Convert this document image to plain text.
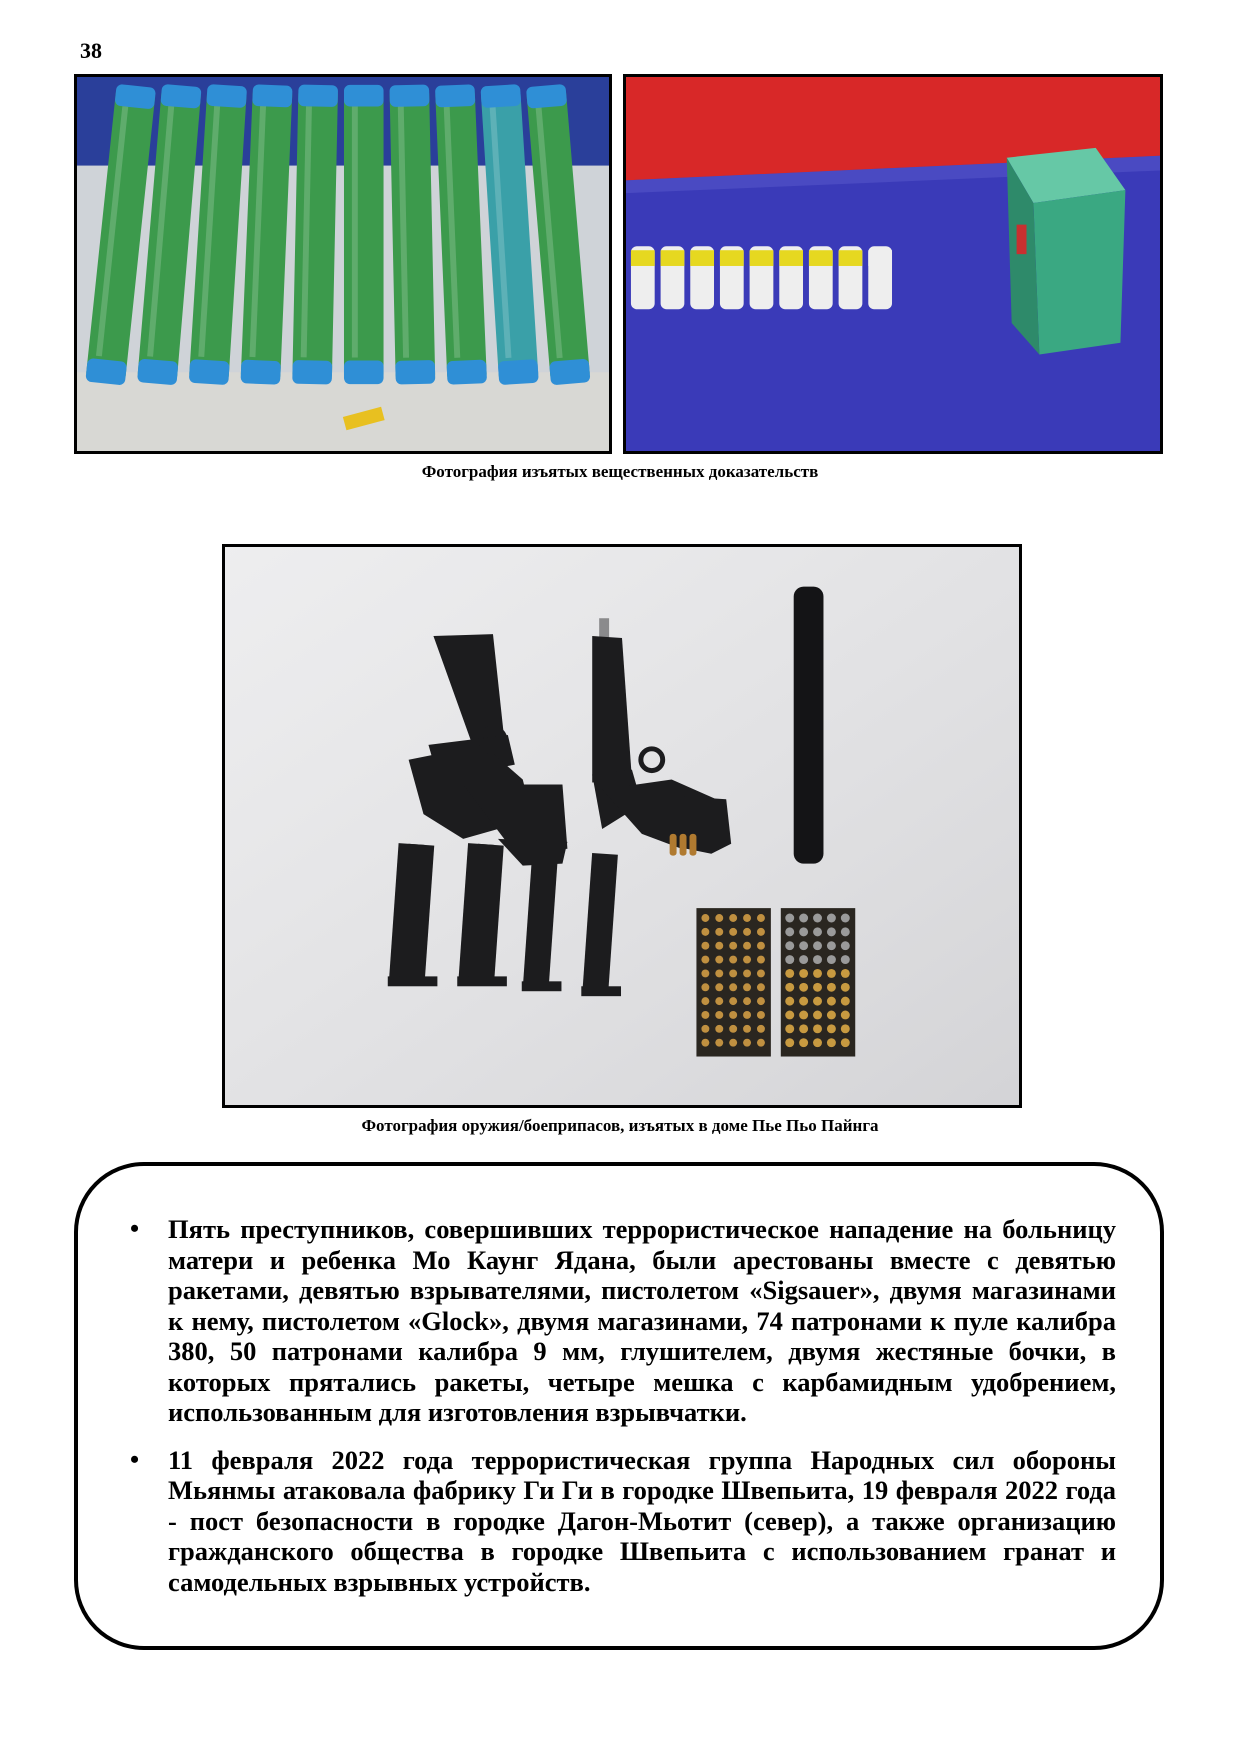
38
Фотография изъятых вещественных доказательств
Фотография оружия/боеприпасов, изъятых в доме Пье Пьо Пайнга
• Пять преступников, совершивших террористическое нападение на больницу матери и ребенка Мо Каунг Ядана, были арестованы вместе с девятью ракетами, девятью взрывателями, пистолетом «Sigsauer», двумя магазинами к нему, пистолетом «Glock», двумя магазинами, 74 патронами к пуле калибра 380, 50 патронами калибра 9 мм, глушителем, двумя жестяные бочки, в которых прятались ракеты, четыре мешка с карбамидным удобрением, использованным для изготовления взрывчатки.
• 11 февраля 2022 года террористическая группа Народных сил обороны Мьянмы атаковала фабрику Ги Ги в городке Швепьита, 19 февраля 2022 года - пост безопасности в городке Дагон-Мьотит (север), а также организацию гражданского общества в городке Швепьита с использованием гранат и самодельных взрывных устройств.
